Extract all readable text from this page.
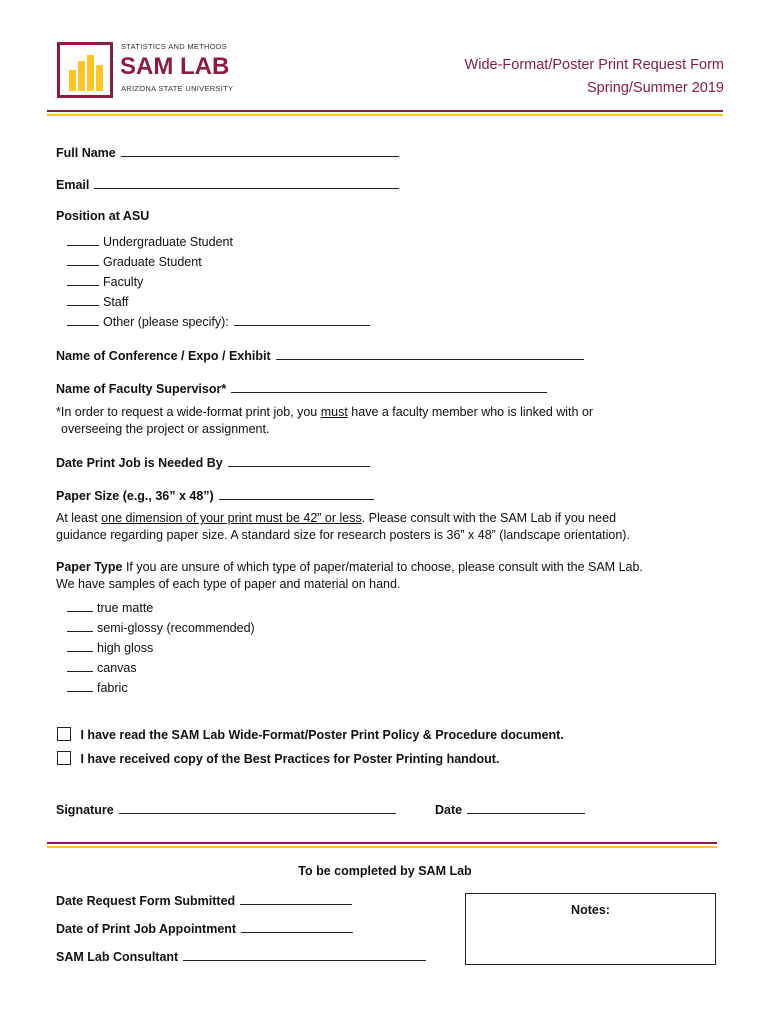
STATISTICS AND METHODS
SAM LAB
ARIZONA STATE UNIVERSITY
Wide-Format/Poster Print Request Form
Spring/Summer 2019
Full Name
Email
Position at ASU
Undergraduate Student
Graduate Student
Faculty
Staff
Other (please specify):
Name of Conference / Expo / Exhibit
Name of Faculty Supervisor*
*In order to request a wide-format print job, you must have a faculty member who is linked with or
overseeing the project or assignment.
Date Print Job is Needed By
Paper Size (e.g., 36” x 48”)
At least one dimension of your print must be 42” or less. Please consult with the SAM Lab if you need
guidance regarding paper size. A standard size for research posters is 36” x 48” (landscape orientation).
Paper Type If you are unsure of which type of paper/material to choose, please consult with the SAM Lab.
We have samples of each type of paper and material on hand.
true matte
semi-glossy (recommended)
high gloss
canvas
fabric
I have read the SAM Lab Wide-Format/Poster Print Policy & Procedure document.
I have received copy of the Best Practices for Poster Printing handout.
Signature	Date
To be completed by SAM Lab
Date Request Form Submitted
Date of Print Job Appointment
SAM Lab Consultant
Notes:
